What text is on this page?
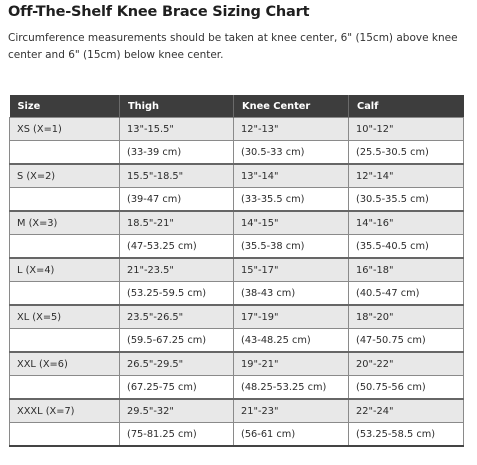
Off-The-Shelf Knee Brace Sizing Chart
Circumference measurements should be taken at knee center, 6" (15cm) above knee center and 6" (15cm) below knee center.
Size	Thigh	Knee Center	Calf
XS (X=1)	13"-15.5"	12"-13"	10"-12"
	(33-39 cm)	(30.5-33 cm)	(25.5-30.5 cm)
S (X=2)	15.5"-18.5"	13"-14"	12"-14"
	(39-47 cm)	(33-35.5 cm)	(30.5-35.5 cm)
M (X=3)	18.5"-21"	14"-15"	14"-16"
	(47-53.25 cm)	(35.5-38 cm)	(35.5-40.5 cm)
L (X=4)	21"-23.5"	15"-17"	16"-18"
	(53.25-59.5 cm)	(38-43 cm)	(40.5-47 cm)
XL (X=5)	23.5"-26.5"	17"-19"	18"-20"
	(59.5-67.25 cm)	(43-48.25 cm)	(47-50.75 cm)
XXL (X=6)	26.5"-29.5"	19"-21"	20"-22"
	(67.25-75 cm)	(48.25-53.25 cm)	(50.75-56 cm)
XXXL (X=7)	29.5"-32"	21"-23"	22"-24"
	(75-81.25 cm)	(56-61 cm)	(53.25-58.5 cm)
